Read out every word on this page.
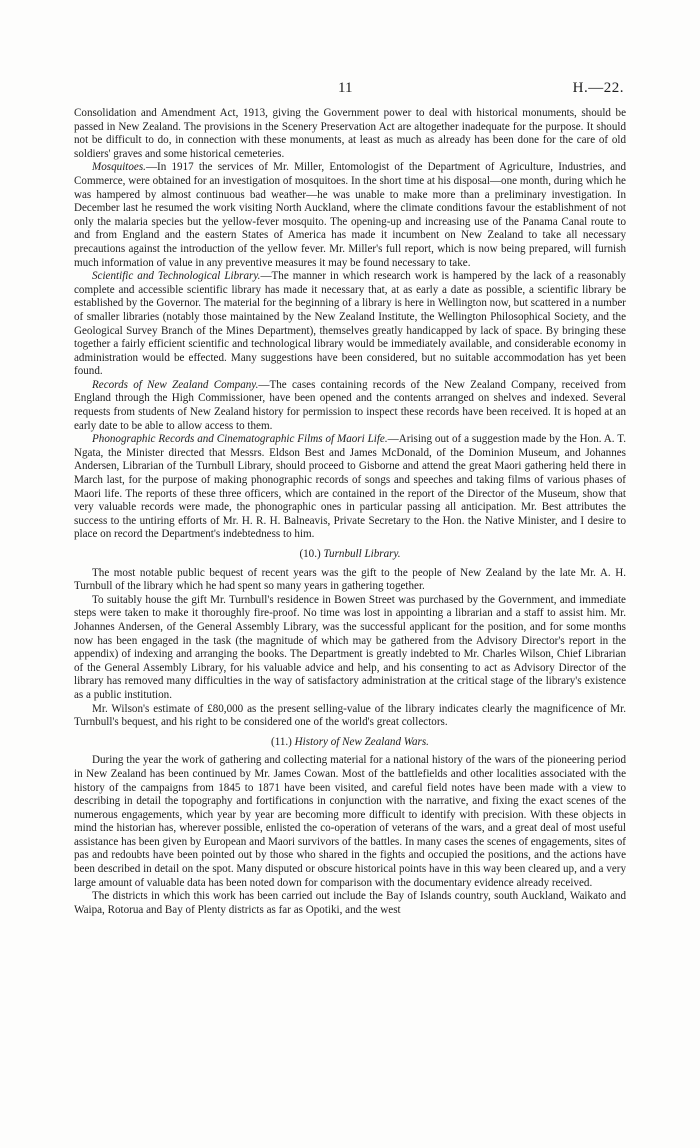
11	H.—22.

Consolidation and Amendment Act, 1913, giving the Government power to deal with historical monuments, should be passed in New Zealand. The provisions in the Scenery Preservation Act are altogether inadequate for the purpose. It should not be difficult to do, in connection with these monuments, at least as much as already has been done for the care of old soldiers' graves and some historical cemeteries.

Mosquitoes.—In 1917 the services of Mr. Miller, Entomologist of the Department of Agriculture, Industries, and Commerce, were obtained for an investigation of mosquitoes. In the short time at his disposal—one month, during which he was hampered by almost continuous bad weather—he was unable to make more than a preliminary investigation. In December last he resumed the work visiting North Auckland, where the climate conditions favour the establishment of not only the malaria species but the yellow-fever mosquito. The opening-up and increasing use of the Panama Canal route to and from England and the eastern States of America has made it incumbent on New Zealand to take all necessary precautions against the introduction of the yellow fever. Mr. Miller's full report, which is now being prepared, will furnish much information of value in any preventive measures it may be found necessary to take.

Scientific and Technological Library.—The manner in which research work is hampered by the lack of a reasonably complete and accessible scientific library has made it necessary that, at as early a date as possible, a scientific library be established by the Governor. The material for the beginning of a library is here in Wellington now, but scattered in a number of smaller libraries (notably those maintained by the New Zealand Institute, the Wellington Philosophical Society, and the Geological Survey Branch of the Mines Department), themselves greatly handicapped by lack of space. By bringing these together a fairly efficient scientific and technological library would be immediately available, and considerable economy in administration would be effected. Many suggestions have been considered, but no suitable accommodation has yet been found.

Records of New Zealand Company.—The cases containing records of the New Zealand Company, received from England through the High Commissioner, have been opened and the contents arranged on shelves and indexed. Several requests from students of New Zealand history for permission to inspect these records have been received. It is hoped at an early date to be able to allow access to them.

Phonographic Records and Cinematographic Films of Maori Life.—Arising out of a suggestion made by the Hon. A. T. Ngata, the Minister directed that Messrs. Eldson Best and James McDonald, of the Dominion Museum, and Johannes Andersen, Librarian of the Turnbull Library, should proceed to Gisborne and attend the great Maori gathering held there in March last, for the purpose of making phonographic records of songs and speeches and taking films of various phases of Maori life. The reports of these three officers, which are contained in the report of the Director of the Museum, show that very valuable records were made, the phonographic ones in particular passing all anticipation. Mr. Best attributes the success to the untiring efforts of Mr. H. R. H. Balneavis, Private Secretary to the Hon. the Native Minister, and I desire to place on record the Department's indebtedness to him.

(10.) Turnbull Library.

The most notable public bequest of recent years was the gift to the people of New Zealand by the late Mr. A. H. Turnbull of the library which he had spent so many years in gathering together.

To suitably house the gift Mr. Turnbull's residence in Bowen Street was purchased by the Government, and immediate steps were taken to make it thoroughly fire-proof. No time was lost in appointing a librarian and a staff to assist him. Mr. Johannes Andersen, of the General Assembly Library, was the successful applicant for the position, and for some months now has been engaged in the task (the magnitude of which may be gathered from the Advisory Director's report in the appendix) of indexing and arranging the books. The Department is greatly indebted to Mr. Charles Wilson, Chief Librarian of the General Assembly Library, for his valuable advice and help, and his consenting to act as Advisory Director of the library has removed many difficulties in the way of satisfactory administration at the critical stage of the library's existence as a public institution.

Mr. Wilson's estimate of £80,000 as the present selling-value of the library indicates clearly the magnificence of Mr. Turnbull's bequest, and his right to be considered one of the world's great collectors.

(11.) History of New Zealand Wars.

During the year the work of gathering and collecting material for a national history of the wars of the pioneering period in New Zealand has been continued by Mr. James Cowan. Most of the battlefields and other localities associated with the history of the campaigns from 1845 to 1871 have been visited, and careful field notes have been made with a view to describing in detail the topography and fortifications in conjunction with the narrative, and fixing the exact scenes of the numerous engagements, which year by year are becoming more difficult to identify with precision. With these objects in mind the historian has, wherever possible, enlisted the co-operation of veterans of the wars, and a great deal of most useful assistance has been given by European and Maori survivors of the battles. In many cases the scenes of engagements, sites of pas and redoubts have been pointed out by those who shared in the fights and occupied the positions, and the actions have been described in detail on the spot. Many disputed or obscure historical points have in this way been cleared up, and a very large amount of valuable data has been noted down for comparison with the documentary evidence already received.

The districts in which this work has been carried out include the Bay of Islands country, south Auckland, Waikato and Waipa, Rotorua and Bay of Plenty districts as far as Opotiki, and the west
